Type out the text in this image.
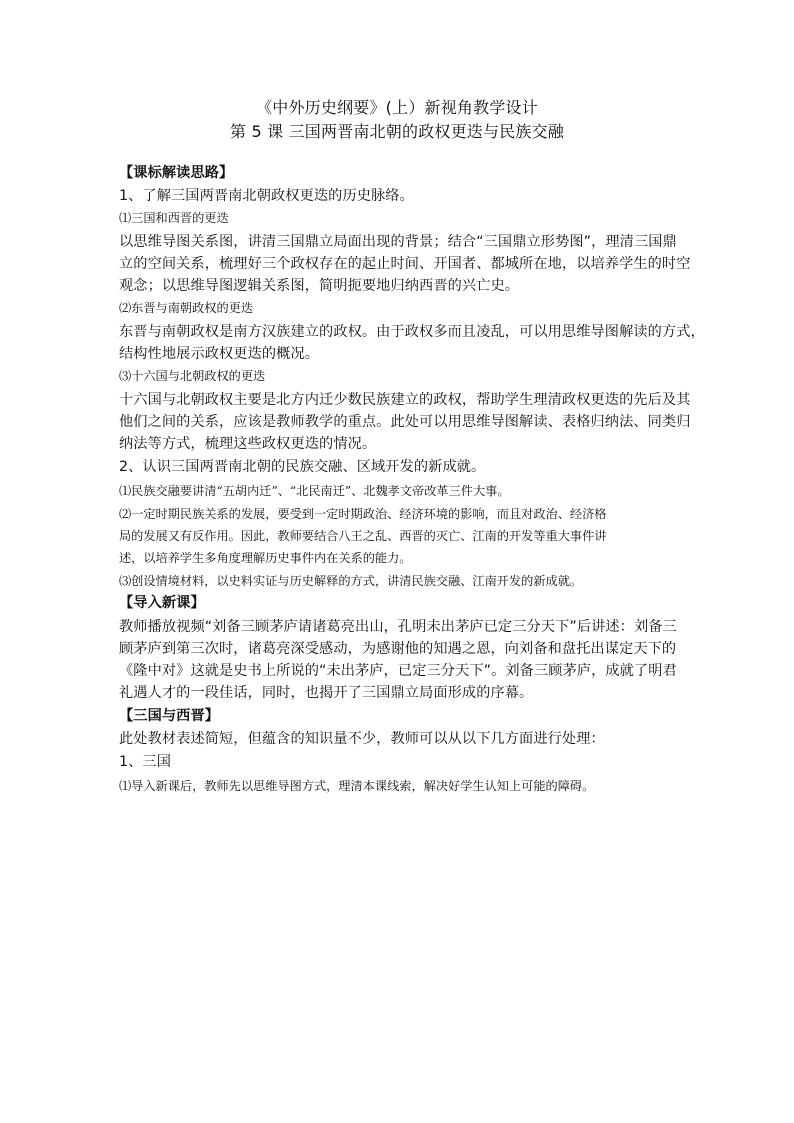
《中外历史纲要》(上）新视角教学设计
第 5 课 三国两晋南北朝的政权更迭与民族交融
【课标解读思路】
1、了解三国两晋南北朝政权更迭的历史脉络。
⑴三国和西晋的更迭
以思维导图关系图，讲清三国鼎立局面出现的背景；结合“三国鼎立形势图”，理清三国鼎
立的空间关系，梳理好三个政权存在的起止时间、开国者、都城所在地，以培养学生的时空
观念；以思维导图逻辑关系图，简明扼要地归纳西晋的兴亡史。
⑵东晋与南朝政权的更迭
东晋与南朝政权是南方汉族建立的政权。由于政权多而且凌乱，可以用思维导图解读的方式，
结构性地展示政权更迭的概况。
⑶十六国与北朝政权的更迭
十六国与北朝政权主要是北方内迁少数民族建立的政权，帮助学生理清政权更迭的先后及其
他们之间的关系，应该是教师教学的重点。此处可以用思维导图解读、表格归纳法、同类归
纳法等方式，梳理这些政权更迭的情况。
2、认识三国两晋南北朝的民族交融、区域开发的新成就。
⑴民族交融要讲清“五胡内迁”、“北民南迁”、北魏孝文帝改革三件大事。
⑵一定时期民族关系的发展，要受到一定时期政治、经济环境的影响，而且对政治、经济格
局的发展又有反作用。因此，教师要结合八王之乱、西晋的灭亡、江南的开发等重大事件讲
述，以培养学生多角度理解历史事件内在关系的能力。
⑶创设情境材料，以史料实证与历史解释的方式，讲清民族交融、江南开发的新成就。
【导入新课】
教师播放视频“刘备三顾茅庐请诸葛亮出山，孔明未出茅庐已定三分天下”后讲述：刘备三
顾茅庐到第三次时，诸葛亮深受感动，为感谢他的知遇之恩，向刘备和盘托出谋定天下的
《隆中对》这就是史书上所说的“未出茅庐，已定三分天下”。刘备三顾茅庐，成就了明君
礼遇人才的一段佳话，同时，也揭开了三国鼎立局面形成的序幕。
【三国与西晋】
此处教材表述简短，但蕴含的知识量不少，教师可以从以下几方面进行处理：
1、三国
⑴导入新课后，教师先以思维导图方式，理清本课线索，解决好学生认知上可能的障碍。
